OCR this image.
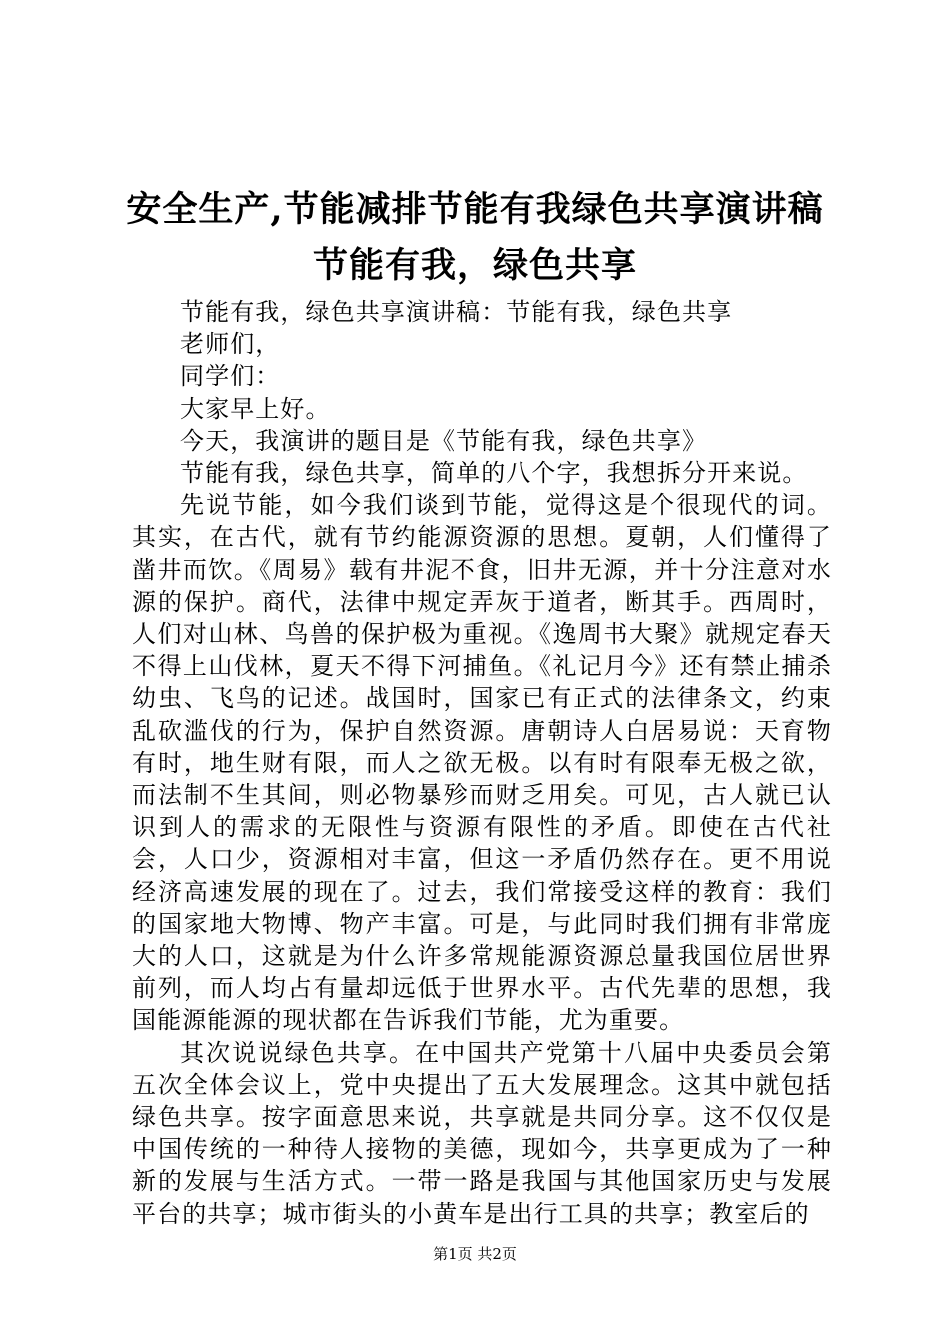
安全生产,节能减排节能有我绿色共享演讲稿
节能有我，绿色共享

节能有我，绿色共享演讲稿：节能有我，绿色共享

老师们，

同学们：

大家早上好。

今天，我演讲的题目是《节能有我，绿色共享》

节能有我，绿色共享，简单的八个字，我想拆分开来说。

先说节能，如今我们谈到节能，觉得这是个很现代的词。其实，在古代，就有节约能源资源的思想。夏朝，人们懂得了凿井而饮。《周易》载有井泥不食，旧井无源，并十分注意对水源的保护。商代，法律中规定弄灰于道者，断其手。西周时，人们对山林、鸟兽的保护极为重视。《逸周书大聚》就规定春天不得上山伐林，夏天不得下河捕鱼。《礼记月今》还有禁止捕杀幼虫、飞鸟的记述。战国时，国家已有正式的法律条文，约束乱砍滥伐的行为，保护自然资源。唐朝诗人白居易说：天育物有时，地生财有限，而人之欲无极。以有时有限奉无极之欲，而法制不生其间，则必物暴殄而财乏用矣。可见，古人就已认识到人的需求的无限性与资源有限性的矛盾。即使在古代社会，人口少，资源相对丰富，但这一矛盾仍然存在。更不用说经济高速发展的现在了。过去，我们常接受这样的教育：我们的国家地大物博、物产丰富。可是，与此同时我们拥有非常庞大的人口，这就是为什么许多常规能源资源总量我国位居世界前列，而人均占有量却远低于世界水平。古代先辈的思想，我国能源能源的现状都在告诉我们节能，尤为重要。

其次说说绿色共享。在中国共产党第十八届中央委员会第五次全体会议上，党中央提出了五大发展理念。这其中就包括绿色共享。按字面意思来说，共享就是共同分享。这不仅仅是中国传统的一种待人接物的美德，现如今，共享更成为了一种新的发展与生活方式。一带一路是我国与其他国家历史与发展平台的共享；城市街头的小黄车是出行工具的共享；教室后的

第1页 共2页
